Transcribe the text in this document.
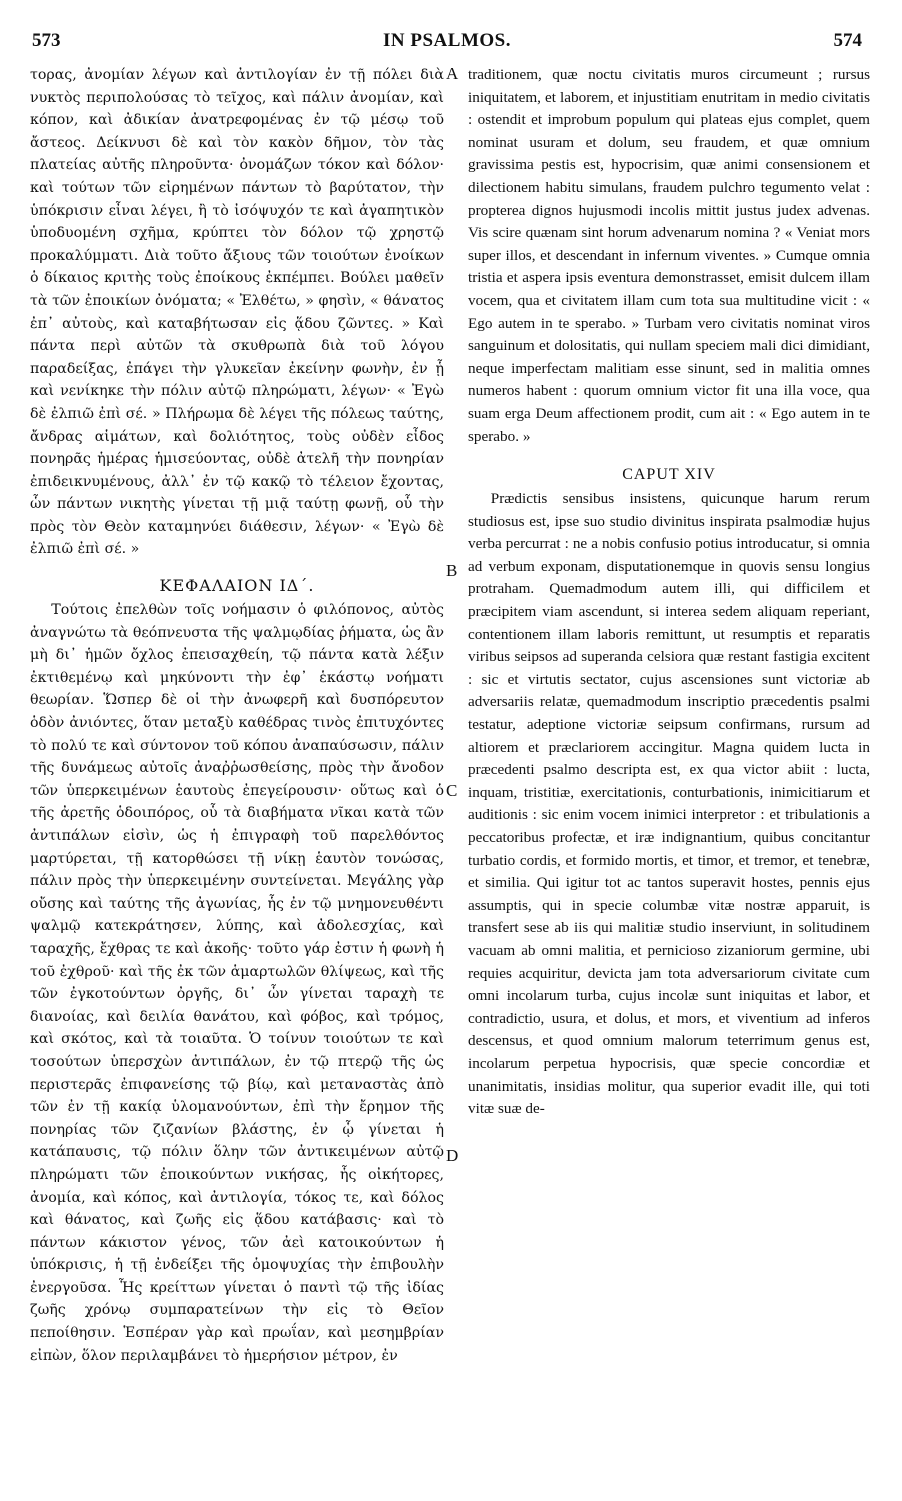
573	IN PSALMOS.	574

τορας, ἀνομίαν λέγων καὶ ἀντιλογίαν ἐν τῇ πόλει διὰ νυκτὸς περιπολούσας τὸ τεῖχος, καὶ πάλιν ἀνομίαν, καὶ κόπον, καὶ ἀδικίαν ἀνατρεφομένας ἐν τῷ μέσῳ τοῦ ἄστεος. Δείκνυσι δὲ καὶ τὸν κακὸν δῆμον, τὸν τὰς πλατείας αὐτῆς πληροῦντα· ὀνομάζων τόκον καὶ δόλον· καὶ τούτων τῶν εἰρημένων πάντων τὸ βαρύτατον, τὴν ὑπόκρισιν εἶναι λέγει, ἢ τὸ ἰσόψυχόν τε καὶ ἀγαπητικὸν ὑποδυομένη σχῆμα, κρύπτει τὸν δόλον τῷ χρηστῷ προκαλύμματι. Διὰ τοῦτο ἄξιους τῶν τοιούτων ἐνοίκων ὁ δίκαιος κριτὴς τοὺς ἐποίκους ἐκπέμπει. Βούλει μαθεῖν τὰ τῶν ἐποικίων ὀνόματα; « Ἐλθέτω, » φησὶν, « θάνατος ἐπ᾿ αὐτοὺς, καὶ καταβήτωσαν εἰς ᾅδου ζῶντες. » Καὶ πάντα περὶ αὐτῶν τὰ σκυθρωπὰ διὰ τοῦ λόγου παραδείξας, ἐπάγει τὴν γλυκεῖαν ἐκείνην φωνὴν, ἐν ᾗ καὶ νενίκηκε τὴν πόλιν αὐτῷ πληρώματι, λέγων· « Ἐγὼ δὲ ἐλπιῶ ἐπὶ σέ. » Πλήρωμα δὲ λέγει τῆς πόλεως ταύτης, ἄνδρας αἱμάτων, καὶ δολιότητος, τοὺς οὐδὲν εἶδος πονηρᾶς ἡμέρας ἡμισεύοντας, οὐδὲ ἀτελῆ τὴν πονηρίαν ἐπιδεικνυμένους, ἀλλ᾿ ἐν τῷ κακῷ τὸ τέλειον ἔχοντας, ὧν πάντων νικητὴς γίνεται τῇ μιᾷ ταύτῃ φωνῇ, οὗ τὴν πρὸς τὸν Θεὸν καταμηνύει διάθεσιν, λέγων· « Ἐγὼ δὲ ἐλπιῶ ἐπὶ σέ. »

ΚΕΦΑΛΑΙΟΝ ΙΔ΄.

Τούτοις ἐπελθὼν τοῖς νοήμασιν ὁ φιλόπονος, αὐτὸς ἀναγνώτω τὰ θεόπνευστα τῆς ψαλμῳδίας ῥήματα, ὡς ἂν μὴ δι᾿ ἡμῶν ὄχλος ἐπεισαχθείη, τῷ πάντα κατὰ λέξιν ἐκτιθεμένῳ καὶ μηκύνοντι τὴν ἐφ᾿ ἑκάστῳ νοήματι θεωρίαν. Ὥσπερ δὲ οἱ τὴν ἀνωφερῆ καὶ δυσπόρευτον ὁδὸν ἀνιόντες, ὅταν μεταξὺ καθέδρας τινὸς ἐπιτυχόντες τὸ πολύ τε καὶ σύντονον τοῦ κόπου ἀναπαύσωσιν, πάλιν τῆς δυνάμεως αὐτοῖς ἀναῤῥωσθείσης, πρὸς τὴν ἄνοδον τῶν ὑπερκειμένων ἑαυτοὺς ἐπεγείρουσιν· οὕτως καὶ ὁ τῆς ἀρετῆς ὁδοιπόρος, οὗ τὰ διαβήματα νῖκαι κατὰ τῶν ἀντιπάλων εἰσὶν, ὡς ἡ ἐπιγραφὴ τοῦ παρελθόντος μαρτύρεται, τῇ κατορθώσει τῇ νίκῃ ἑαυτὸν τονώσας, πάλιν πρὸς τὴν ὑπερκειμένην συντείνεται. Μεγάλης γὰρ οὔσης καὶ ταύτης τῆς ἀγωνίας, ἧς ἐν τῷ μνημονευθέντι ψαλμῷ κατεκράτησεν, λύπης, καὶ ἀδολεσχίας, καὶ ταραχῆς, ἔχθρας τε καὶ ἀκοῆς· τοῦτο γάρ ἐστιν ἡ φωνὴ ἡ τοῦ ἐχθροῦ· καὶ τῆς ἐκ τῶν ἁμαρτωλῶν θλίψεως, καὶ τῆς τῶν ἐγκοτούντων ὀργῆς, δι᾿ ὧν γίνεται ταραχὴ τε διανοίας, καὶ δειλία θανάτου, καὶ φόβος, καὶ τρόμος, καὶ σκότος, καὶ τὰ τοιαῦτα. Ὁ τοίνυν τοιούτων τε καὶ τοσούτων ὑπερσχὼν ἀντιπάλων, ἐν τῷ πτερῷ τῆς ὡς περιστερᾶς ἐπιφανείσης τῷ βίῳ, καὶ μεταναστὰς ἀπὸ τῶν ἐν τῇ κακίᾳ ὑλομανούντων, ἐπὶ τὴν ἔρημον τῆς πονηρίας τῶν ζιζανίων βλάστης, ἐν ᾧ γίνεται ἡ κατάπαυσις, τῷ πόλιν ὅλην τῶν ἀντικειμένων αὐτῷ πληρώματι τῶν ἐποικούντων νικήσας, ἧς οἰκήτορες, ἀνομία, καὶ κόπος, καὶ ἀντιλογία, τόκος τε, καὶ δόλος καὶ θάνατος, καὶ ζωῆς εἰς ᾅδου κατάβασις· καὶ τὸ πάντων κάκιστον γένος, τῶν ἀεὶ κατοικούντων ἡ ὑπόκρισις, ἡ τῇ ἐνδείξει τῆς ὁμοψυχίας τὴν ἐπιβουλὴν ἐνεργοῦσα. Ἧς κρείττων γίνεται ὁ παντὶ τῷ τῆς ἰδίας ζωῆς χρόνῳ συμπαρατείνων τὴν εἰς τὸ Θεῖον πεποίθησιν. Ἑσπέραν γὰρ καὶ πρωΐαν, καὶ μεσημβρίαν εἰπὼν, ὅλον περιλαμβάνει τὸ ἡμερήσιον μέτρον, ἐν

A
B
C
D

traditionem, quæ noctu civitatis muros circumeunt ; rursus iniquitatem, et laborem, et injustitiam enutritam in medio civitatis : ostendit et improbum populum qui plateas ejus complet, quem nominat usuram et dolum, seu fraudem, et quæ omnium gravissima pestis est, hypocrisim, quæ animi consensionem et dilectionem habitu simulans, fraudem pulchro tegumento velat : propterea dignos hujusmodi incolis mittit justus judex advenas. Vis scire quænam sint horum advenarum nomina ? « Veniat mors super illos, et descendant in infernum viventes. » Cumque omnia tristia et aspera ipsis eventura demonstrasset, emisit dulcem illam vocem, qua et civitatem illam cum tota sua multitudine vicit : « Ego autem in te sperabo. » Turbam vero civitatis nominat viros sanguinum et dolositatis, qui nullam speciem mali dici dimidiant, neque imperfectam malitiam esse sinunt, sed in malitia omnes numeros habent : quorum omnium victor fit una illa voce, qua suam erga Deum affectionem prodit, cum ait : « Ego autem in te sperabo. »

CAPUT XIV

Prædictis sensibus insistens, quicunque harum rerum studiosus est, ipse suo studio divinitus inspirata psalmodiæ hujus verba percurrat : ne a nobis confusio potius introducatur, si omnia ad verbum exponam, disputationemque in quovis sensu longius protraham. Quemadmodum autem illi, qui difficilem et præcipitem viam ascendunt, si interea sedem aliquam reperiant, contentionem illam laboris remittunt, ut resumptis et reparatis viribus seipsos ad superanda celsiora quæ restant fastigia excitent : sic et virtutis sectator, cujus ascensiones sunt victoriæ ab adversariis relatæ, quemadmodum inscriptio præcedentis psalmi testatur, adeptione victoriæ seipsum confirmans, rursum ad altiorem et præclariorem accingitur. Magna quidem lucta in præcedenti psalmo descripta est, ex qua victor abiit : lucta, inquam, tristitiæ, exercitationis, conturbationis, inimicitiarum et auditionis : sic enim vocem inimici interpretor : et tribulationis a peccatoribus profectæ, et iræ indignantium, quibus concitantur turbatio cordis, et formido mortis, et timor, et tremor, et tenebræ, et similia. Qui igitur tot ac tantos superavit hostes, pennis ejus assumptis, qui in specie columbæ vitæ nostræ apparuit, is transfert sese ab iis qui malitiæ studio inserviunt, in solitudinem vacuam ab omni malitia, et pernicioso zizaniorum germine, ubi requies acquiritur, devicta jam tota adversariorum civitate cum omni incolarum turba, cujus incolæ sunt iniquitas et labor, et contradictio, usura, et dolus, et mors, et viventium ad inferos descensus, et quod omnium malorum teterrimum genus est, incolarum perpetua hypocrisis, quæ specie concordiæ et unanimitatis, insidias molitur, qua superior evadit ille, qui toti vitæ suæ de-
